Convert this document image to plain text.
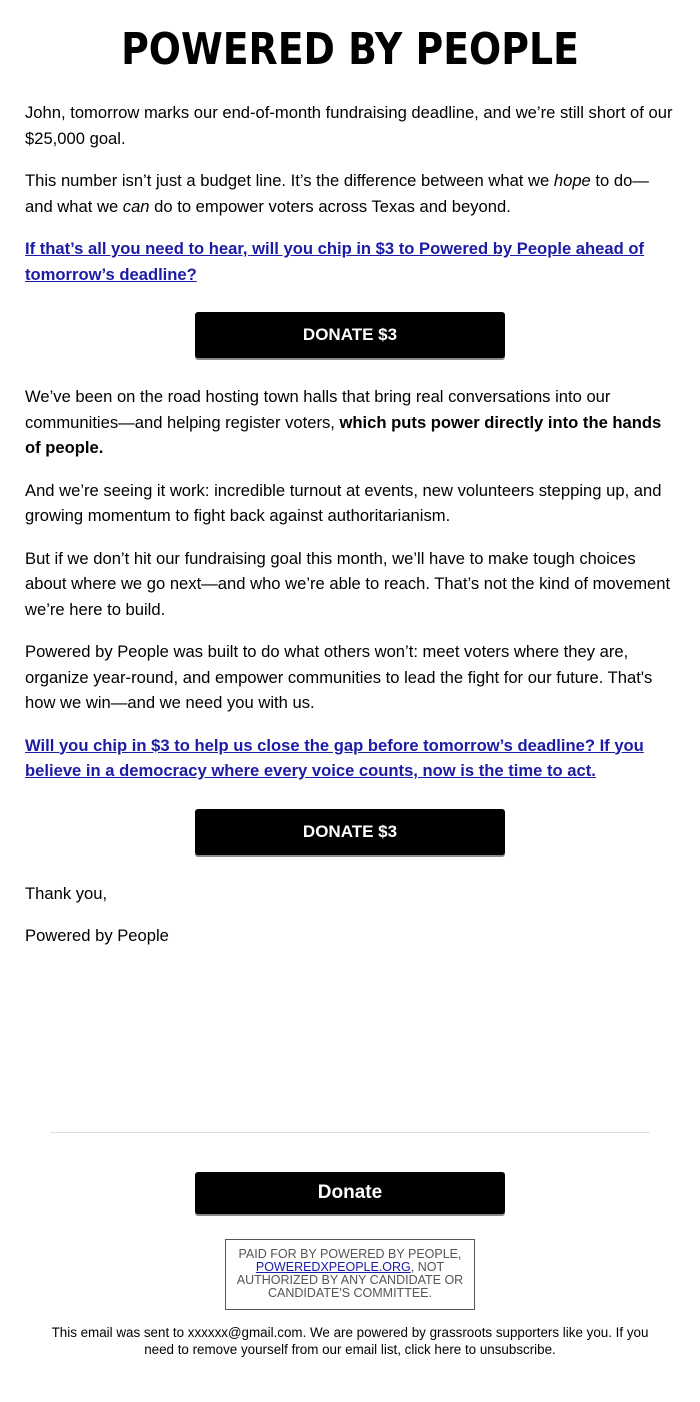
POWERED BY PEOPLE

John, tomorrow marks our end-of-month fundraising deadline, and we’re still short of our $25,000 goal.

This number isn’t just a budget line. It’s the difference between what we hope to do—and what we can do to empower voters across Texas and beyond.

If that’s all you need to hear, will you chip in $3 to Powered by People ahead of tomorrow’s deadline?

DONATE $3

We’ve been on the road hosting town halls that bring real conversations into our communities—and helping register voters, which puts power directly into the hands of people.

And we’re seeing it work: incredible turnout at events, new volunteers stepping up, and growing momentum to fight back against authoritarianism.

But if we don’t hit our fundraising goal this month, we’ll have to make tough choices about where we go next—and who we’re able to reach. That’s not the kind of movement we’re here to build.

Powered by People was built to do what others won’t: meet voters where they are, organize year-round, and empower communities to lead the fight for our future. That's how we win—and we need you with us.

Will you chip in $3 to help us close the gap before tomorrow’s deadline? If you believe in a democracy where every voice counts, now is the time to act.

DONATE $3

Thank you,

Powered by People

Donate
PAID FOR BY POWERED BY PEOPLE, POWEREDXPEOPLE.ORG, NOT AUTHORIZED BY ANY CANDIDATE OR CANDIDATE'S COMMITTEE.
This email was sent to xxxxxx@gmail.com. We are powered by grassroots supporters like you. If you need to remove yourself from our email list, click here to unsubscribe.
